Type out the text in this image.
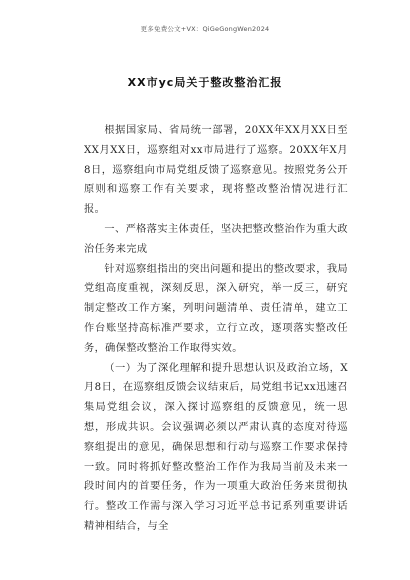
更多免费公文+VX：QiGeGongWen2024
XX市yc局关于整改整治汇报

根据国家局、省局统一部署，20XX年XX月XX日至XX月XX日，巡察组对xx市局进行了巡察。20XX年X月8日，巡察组向市局党组反馈了巡察意见。按照党务公开原则和巡察工作有关要求，现将整改整治情况进行汇报。

一、严格落实主体责任，坚决把整改整治作为重大政治任务来完成

针对巡察组指出的突出问题和提出的整改要求，我局党组高度重视，深刻反思，深入研究，举一反三，研究制定整改工作方案，列明问题清单、责任清单，建立工作台账坚持高标准严要求，立行立改，逐项落实整改任务，确保整改整治工作取得实效。

（一）为了深化理解和提升思想认识及政治立场，X月8日，在巡察组反馈会议结束后，局党组书记xx迅速召集局党组会议，深入探讨巡察组的反馈意见，统一思想，形成共识。会议强调必须以严肃认真的态度对待巡察组提出的意见，确保思想和行动与巡察工作要求保持一致。同时将抓好整改整治工作作为我局当前及未来一段时间内的首要任务，作为一项重大政治任务来贯彻执行。整改工作需与深入学习习近平总书记系列重要讲话精神相结合，与全
